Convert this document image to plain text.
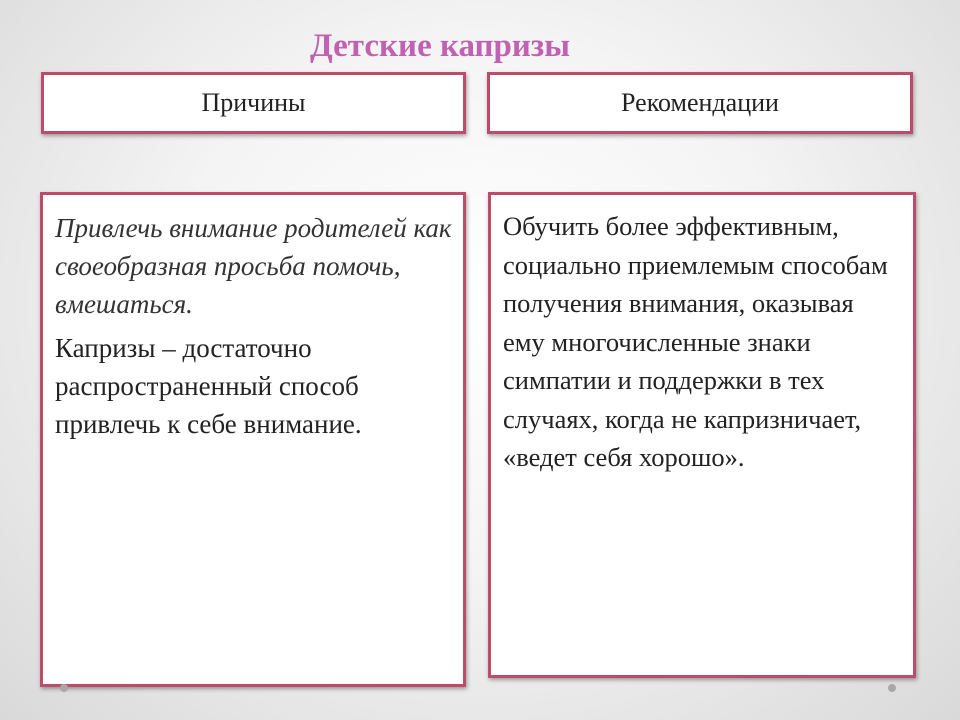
Детские капризы
Причины	Рекомендации

Привлечь внимание родителей как своеобразная просьба помочь, вмешаться.

Капризы – достаточно распространенный способ привлечь к себе внимание.

Обучить более эффективным, социально приемлемым способам получения внимания, оказывая   ему многочисленные знаки симпатии и поддержки в тех случаях, когда не капризничает, «ведет себя хорошо».
